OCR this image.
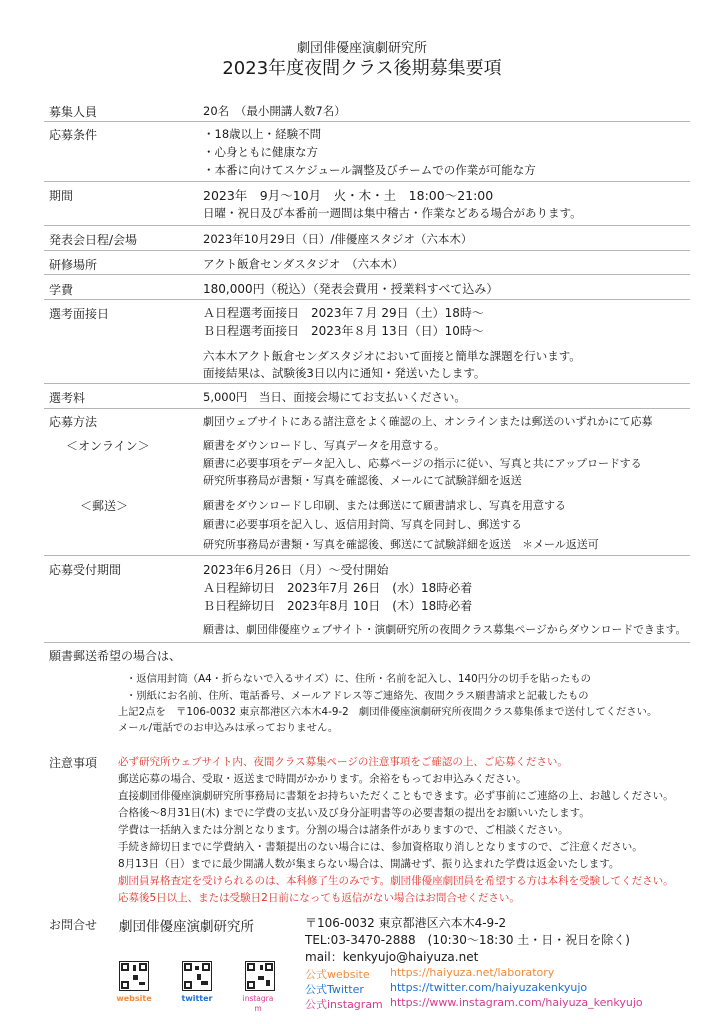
劇団俳優座演劇研究所
2023年度夜間クラス後期募集要項
募集人員	20名　（最小開講人数7名）
応募条件	・18歳以上・経験不問
・心身ともに健康な方
・本番に向けてスケジュール調整及びチームでの作業が可能な方
期間	2023年　9月～10月　火・木・土　18:00～21:00
日曜・祝日及び本番前一週間は集中稽古・作業などある場合があります。
発表会日程/会場	2023年10月29日（日）/俳優座スタジオ（六本木）
研修場所	アクト飯倉センダスタジオ　（六本木）
学費	180,000円（税込）（発表会費用・授業料すべて込み）
選考面接日	Ａ日程選考面接日　2023年７月 29日（土）18時～
Ｂ日程選考面接日　2023年８月 13日（日）10時～
六本木アクト飯倉センダスタジオにおいて面接と簡単な課題を行います。
面接結果は、試験後3日以内に通知・発送いたします。
選考料	5,000円　当日、面接会場にてお支払いください。
応募方法	劇団ウェブサイトにある諸注意をよく確認の上、オンラインまたは郵送のいずれかにて応募
＜オンライン＞	願書をダウンロードし、写真データを用意する。
願書に必要事項をデータ記入し、応募ページの指示に従い、写真と共にアップロードする
研究所事務局が書類・写真を確認後、メールにて試験詳細を返送
＜郵送＞	願書をダウンロードし印刷、または郵送にて願書請求し、写真を用意する
願書に必要事項を記入し、返信用封筒、写真を同封し、郵送する
研究所事務局が書類・写真を確認後、郵送にて試験詳細を返送　＊メール返送可
応募受付期間	2023年6月26日（月）～受付開始
Ａ日程締切日　2023年7月 26日　(水）18時必着
Ｂ日程締切日　2023年8月 10日　(木）18時必着
願書は、劇団俳優座ウェブサイト・演劇研究所の夜間クラス募集ページからダウンロードできます。
願書郵送希望の場合は、
・返信用封筒（A4・折らないで入るサイズ）に、住所・名前を記入し、140円分の切手を貼ったもの
・別紙にお名前、住所、電話番号、メールアドレス等ご連絡先、夜間クラス願書請求と記載したもの
上記2点を　〒106-0032 東京都港区六本木4-9-2　劇団俳優座演劇研究所夜間クラス募集係まで送付してください。
メール/電話でのお申込みは承っておりません。
注意事項 必ず研究所ウェブサイト内、夜間クラス募集ページの注意事項をご確認の上、ご応募ください。
郵送応募の場合、受取・返送まで時間がかかります。余裕をもってお申込みください。
直接劇団俳優座演劇研究所事務局に書類をお持ちいただくこともできます。必ず事前にご連絡の上、お越しください。
合格後～8月31日(木) までに学費の支払い及び身分証明書等の必要書類の提出をお願いいたします。
学費は一括納入または分割となります。分割の場合は諸条件がありますので、ご相談ください。
手続き締切日までに学費納入・書類提出のない場合には、参加資格取り消しとなりますので、ご注意ください。
8月13日（日）までに最少開講人数が集まらない場合は、開講せず、振り込まれた学費は返金いたします。
劇団員昇格査定を受けられるのは、本科修了生のみです。劇団俳優座劇団員を希望する方は本科を受験してください。
応募後5日以上、または受験日2日前になっても返信がない場合はお問合せください。
お問合せ 劇団俳優座演劇研究所	〒106-0032 東京都港区六本木4-9-2
TEL:03-3470-2888　(10:30～18:30 土・日・祝日を除く)
mail：kenkyujo@haiyuza.net
公式website https://haiyuza.net/laboratory
公式Twitter https://twitter.com/haiyuzakenkyujo
公式instagram https://www.instagram.com/haiyuza_kenkyujo
website	twitter	instagra m
